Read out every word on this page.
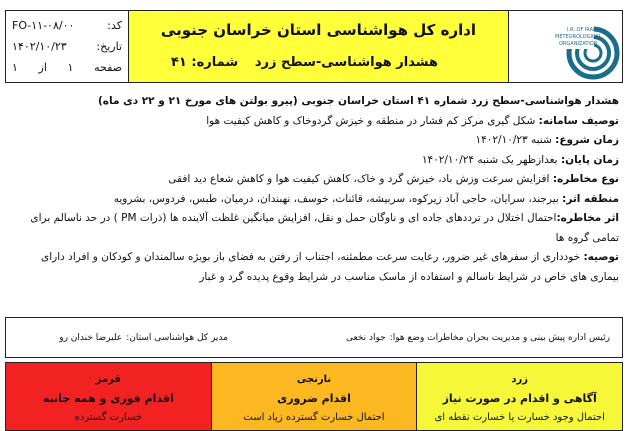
کد:
FO-۱۱-۰۸/۰۰
تاریخ:
۱۴۰۲/۱۰/۲۳
صفحه
۱
از
۱
اداره کل هواشناسی استان خراسان جنوبی
هشدار هواشناسی-سطح زرد
شماره: ۴۱
I.R. OF IRAN
METEOROLOGICAL
ORGANIZATION
هشدار هواشناسی-سطح زرد شماره ۴۱ استان خراسان جنوبی (پیرو بولتن های مورخ ۲۱ و ۲۲ دی ماه)
توصیف سامانه: شکل گیری مرکز کم فشار در منطقه و خیزش گردوخاک و کاهش کیفیت هوا
زمان شروع: شنبه ۱۴۰۲/۱۰/۲۳
زمان پایان: بعدازظهر یک شنبه ۱۴۰۲/۱۰/۲۴
نوع مخاطره: افزایش سرعت وزش باد، خیزش گرد و خاک، کاهش کیفیت هوا و کاهش شعاع دید افقی
منطقه اثر: بیرجند، سرایان، حاجی آباد زیرکوه، سربیشه، قائنات، خوسف، نهبندان، درمیان، طبس، فردوس، بشرویه
اثر مخاطره:احتمال اختلال در ترددهای جاده ای و ناوگان حمل و نقل، افزایش میانگین غلظت آلاینده ها (ذرات PM ) در حد ناسالم برای تمامی گروه ها
توصیه: خودداری از سفرهای غیر ضرور، رعایت سرعت مطمئنه، اجتناب از رفتن به فضای باز بویژه سالمندان و کودکان و افراد دارای بیماری های خاص در شرایط ناسالم و استفاده از ماسک مناسب در شرایط وقوع پدیده گرد و غبار
رئیس اداره پیش بینی و مدیریت بحران مخاطرات وضع هوا:
جواد نخعی
مدیر کل هواشناسی استان:
علیرضا خندان رو
زرد
آگاهی و اقدام در صورت نیاز
احتمال وجود خسارت یا خسارت نقطه ای
نارنجی
اقدام ضروری
احتمال خسارت گسترده زیاد است
قرمز
اقدام فوری و همه جانبه
خسارت گسترده
